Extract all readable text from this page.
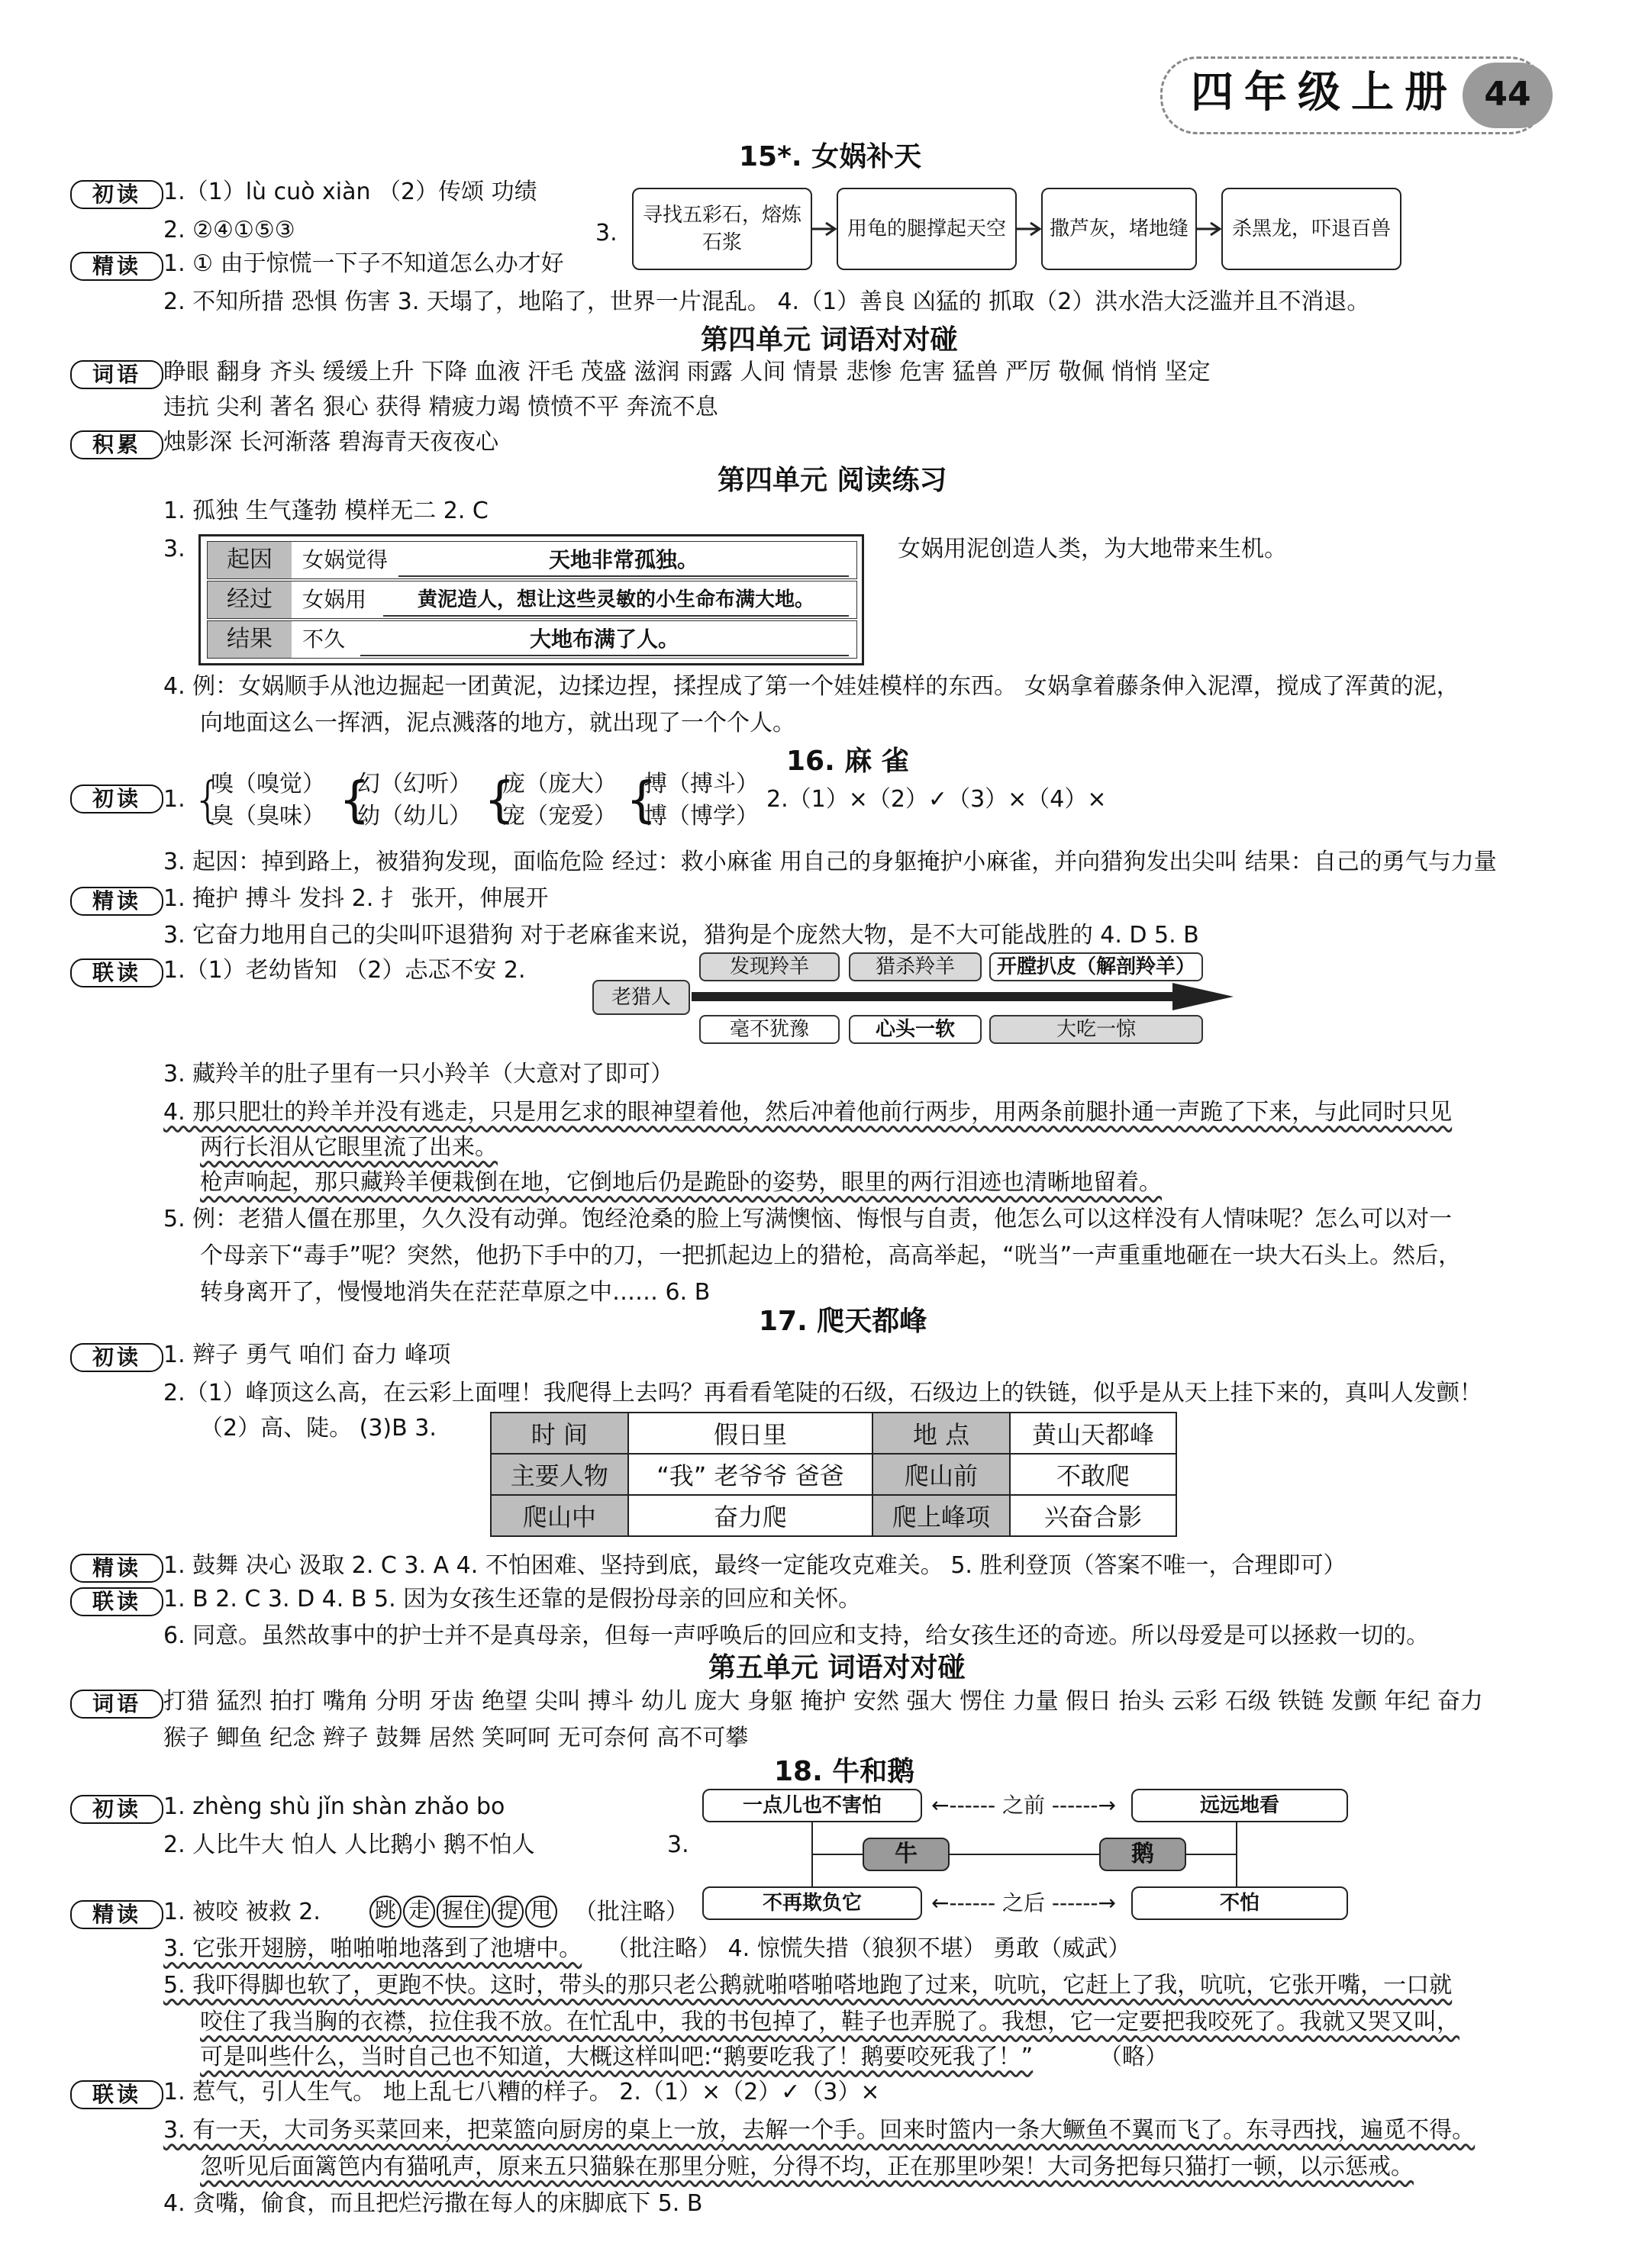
四年级上册 44
15*. 女娲补天
初读 1.（1）lù cuò xiàn （2）传颂 功绩
2. ②④①⑤③	3.
寻找五彩石，熔炼石浆
用龟的腿撑起天空	撒芦灰，堵地缝	杀黑龙，吓退百兽
精读 1. ① 由于惊慌一下子不知道怎么办才好
2. 不知所措 恐惧 伤害 3. 天塌了，地陷了，世界一片混乱。 4.（1）善良 凶猛的 抓取（2）洪水浩大泛滥并且不消退。
第四单元 词语对对碰
词语 睁眼 翻身 齐头 缓缓上升 下降 血液 汗毛 茂盛 滋润 雨露 人间 情景 悲惨 危害 猛兽 严厉 敬佩 悄悄 坚定
违抗 尖利 著名 狠心 获得 精疲力竭 愤愤不平 奔流不息
积累 烛影深 长河渐落 碧海青天夜夜心
第四单元 阅读练习
1. 孤独 生气蓬勃 模样无二 2. C
3.	起因	女娲觉得	天地非常孤独。
经过	女娲用	黄泥造人，想让这些灵敏的小生命布满大地。
结果	不久	大地布满了人。
女娲用泥创造人类，为大地带来生机。
4. 例：女娲顺手从池边掘起一团黄泥，边揉边捏，揉捏成了第一个娃娃模样的东西。 女娲拿着藤条伸入泥潭，搅成了浑黄的泥，
向地面这么一挥洒，泥点溅落的地方，就出现了一个个人。
16. 麻 雀
初读 1. {
嗅（嗅觉）
臭（臭味） {
幻（幻听）
幼（幼儿） {
庞（庞大）
宠（宠爱） {
搏（搏斗）
博（博学）
2.（1）×（2）✓（3）×（4）×
3. 起因：掉到路上，被猎狗发现，面临危险 经过：救小麻雀 用自己的身躯掩护小麻雀，并向猎狗发出尖叫 结果：自己的勇气与力量
精读 1. 掩护 搏斗 发抖 2. 扌 张开，伸展开
3. 它奋力地用自己的尖叫吓退猎狗 对于老麻雀来说，猎狗是个庞然大物，是不大可能战胜的 4. D 5. B
联读 1.（1）老幼皆知 （2）忐忑不安 2.
老猎人
发现羚羊	猎杀羚羊	开膛扒皮（解剖羚羊）
毫不犹豫	心头一软	大吃一惊
3. 藏羚羊的肚子里有一只小羚羊（大意对了即可）
4. 那只肥壮的羚羊并没有逃走，只是用乞求的眼神望着他，然后冲着他前行两步，用两条前腿扑通一声跪了下来，与此同时只见
两行长泪从它眼里流了出来。
枪声响起，那只藏羚羊便栽倒在地，它倒地后仍是跪卧的姿势，眼里的两行泪迹也清晰地留着。
5. 例：老猎人僵在那里，久久没有动弹。饱经沧桑的脸上写满懊恼、悔恨与自责，他怎么可以这样没有人情味呢？怎么可以对一
个母亲下“毒手”呢？突然，他扔下手中的刀，一把抓起边上的猎枪，高高举起，“咣当”一声重重地砸在一块大石头上。然后，
转身离开了，慢慢地消失在茫茫草原之中…… 6. B
17. 爬天都峰
初读 1. 辫子 勇气 咱们 奋力 峰项
2.（1）峰顶这么高，在云彩上面哩！我爬得上去吗？再看看笔陡的石级，石级边上的铁链，似乎是从天上挂下来的，真叫人发颤！
（2）高、陡。 (3)B 3.	时 间	假日里	地 点	黄山天都峰
主要人物	“我” 老爷爷 爸爸	爬山前	不敢爬
爬山中	奋力爬	爬上峰项	兴奋合影
精读 1. 鼓舞 决心 汲取 2. C 3. A 4. 不怕困难、坚持到底，最终一定能攻克难关。 5. 胜利登顶（答案不唯一，合理即可）
联读 1. B 2. C 3. D 4. B 5. 因为女孩生还靠的是假扮母亲的回应和关怀。
6. 同意。虽然故事中的护士并不是真母亲，但每一声呼唤后的回应和支持，给女孩生还的奇迹。所以母爱是可以拯救一切的。
第五单元 词语对对碰
词语 打猎 猛烈 拍打 嘴角 分明 牙齿 绝望 尖叫 搏斗 幼儿 庞大 身躯 掩护 安然 强大 愣住 力量 假日 抬头 云彩 石级 铁链 发颤 年纪 奋力
猴子 鲫鱼 纪念 辫子 鼓舞 居然 笑呵呵 无可奈何 高不可攀
18. 牛和鹅
初读 1. zhèng shù jǐn shàn zhǎo bo
2. 人比牛大 怕人 人比鹅小 鹅不怕人	3.
一点儿也不害怕	←------ 之前 ------→	远远地看
牛	鹅
不再欺负它	←------ 之后 ------→	不怕
精读 1. 被咬 被救 2.	跳 走 握住 提 甩 （批注略）
3. 它张开翅膀，啪啪啪地落到了池塘中。 （批注略） 4. 惊慌失措（狼狈不堪） 勇敢（威武）
5. 我吓得脚也软了，更跑不快。这时，带头的那只老公鹅就啪嗒啪嗒地跑了过来，吭吭，它赶上了我，吭吭，它张开嘴，一口就
咬住了我当胸的衣襟，拉住我不放。在忙乱中，我的书包掉了，鞋子也弄脱了。我想，它一定要把我咬死了。我就又哭又叫，
可是叫些什么，当时自己也不知道，大概这样叫吧:“鹅要吃我了！鹅要咬死我了！”	（略）
联读 1. 惹气，引人生气。 地上乱七八糟的样子。 2.（1）×（2）✓（3）×
3. 有一天，大司务买菜回来，把菜篮向厨房的桌上一放，去解一个手。回来时篮内一条大鳜鱼不翼而飞了。东寻西找，遍觅不得。
忽听见后面篱笆内有猫吼声，原来五只猫躲在那里分赃，分得不均，正在那里吵架！大司务把每只猫打一顿，以示惩戒。
4. 贪嘴，偷食，而且把烂污撒在每人的床脚底下 5. B
